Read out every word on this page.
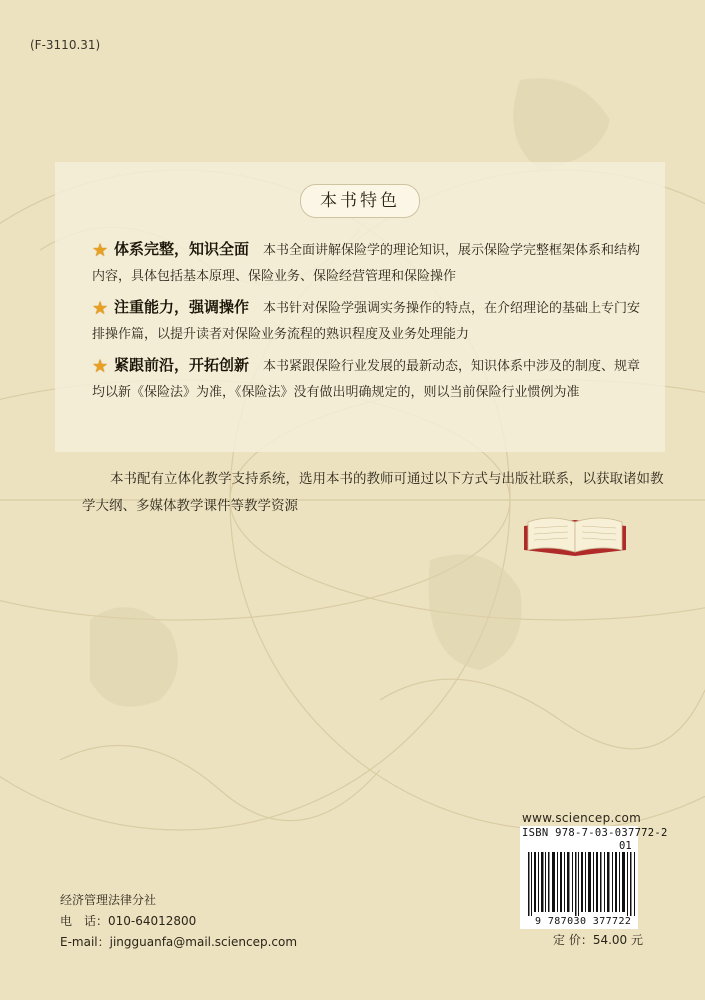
(F-3110.31)
本书特色
★ 体系完整，知识全面 本书全面讲解保险学的理论知识，展示保险学完整框架体系和结构内容，具体包括基本原理、保险业务、保险经营管理和保险操作
★ 注重能力，强调操作 本书针对保险学强调实务操作的特点，在介绍理论的基础上专门安排操作篇，以提升读者对保险业务流程的熟识程度及业务处理能力
★ 紧跟前沿，开拓创新 本书紧跟保险行业发展的最新动态，知识体系中涉及的制度、规章均以新《保险法》为准，《保险法》没有做出明确规定的，则以当前保险行业惯例为准
本书配有立体化教学支持系统，选用本书的教师可通过以下方式与出版社联系，以获取诸如教学大纲、多媒体教学课件等教学资源
经济管理法律分社
电　话：010-64012800
E-mail：jingguanfa@mail.sciencep.com
www.sciencep.com
ISBN 978-7-03-037772-2
01
9 787030 377722
定 价：54.00 元
